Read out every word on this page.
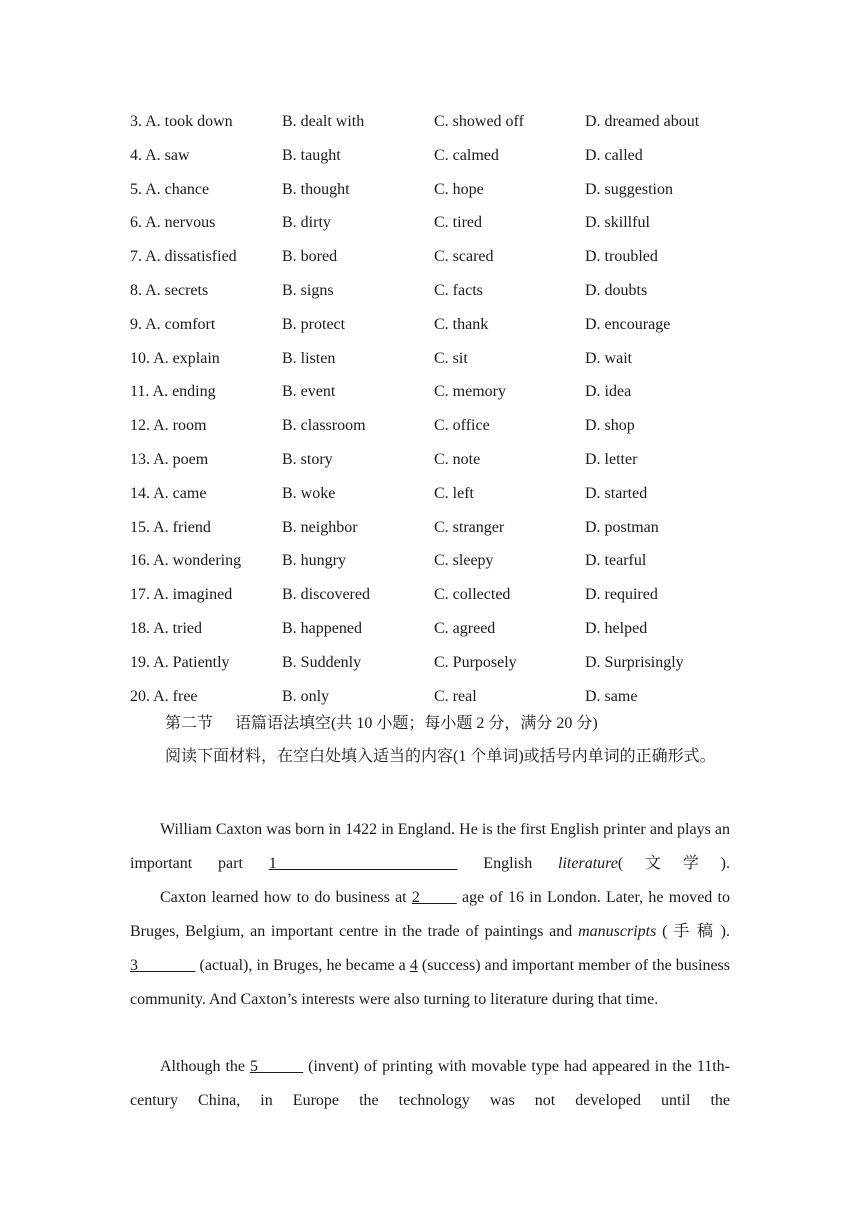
3. A. took down	B. dealt with	C. showed off	D. dreamed about
4. A. saw	B. taught	C. calmed	D. called
5. A. chance	B. thought	C. hope	D. suggestion
6. A. nervous	B. dirty	C. tired	D. skillful
7. A. dissatisfied	B. bored	C. scared	D. troubled
8. A. secrets	B. signs	C. facts	D. doubts
9. A. comfort	B. protect	C. thank	D. encourage
10. A. explain	B. listen	C. sit	D. wait
11. A. ending	B. event	C. memory	D. idea
12. A. room	B. classroom	C. office	D. shop
13. A. poem	B. story	C. note	D. letter
14. A. came	B. woke	C. left	D. started
15. A. friend	B. neighbor	C. stranger	D. postman
16. A. wondering	B. hungry	C. sleepy	D. tearful
17. A. imagined	B. discovered	C. collected	D. required
18. A. tried	B. happened	C. agreed	D. helped
19. A. Patiently	B. Suddenly	C. Purposely	D. Surprisingly
20. A. free	B. only	C. real	D. same
第二节 语篇语法填空(共 10 小题；每小题 2 分，满分 20 分)
阅读下面材料，在空白处填入适当的内容(1 个单词)或括号内单词的正确形式。
William Caxton was born in 1422 in England. He is the first English printer and plays an important part 1        English literature(文学).
Caxton learned how to do business at 2        age of 16 in London. Later, he moved to Bruges, Belgium, an important centre in the trade of paintings and manuscripts ( 手 稿 ). 3               (actual), in Bruges, he became a 4 (success) and important member of the business community. And Caxton’s interests were also turning to literature during that time.
Although the 5          (invent) of printing with movable type had appeared in the 11th-century China, in Europe the technology was not developed until the
